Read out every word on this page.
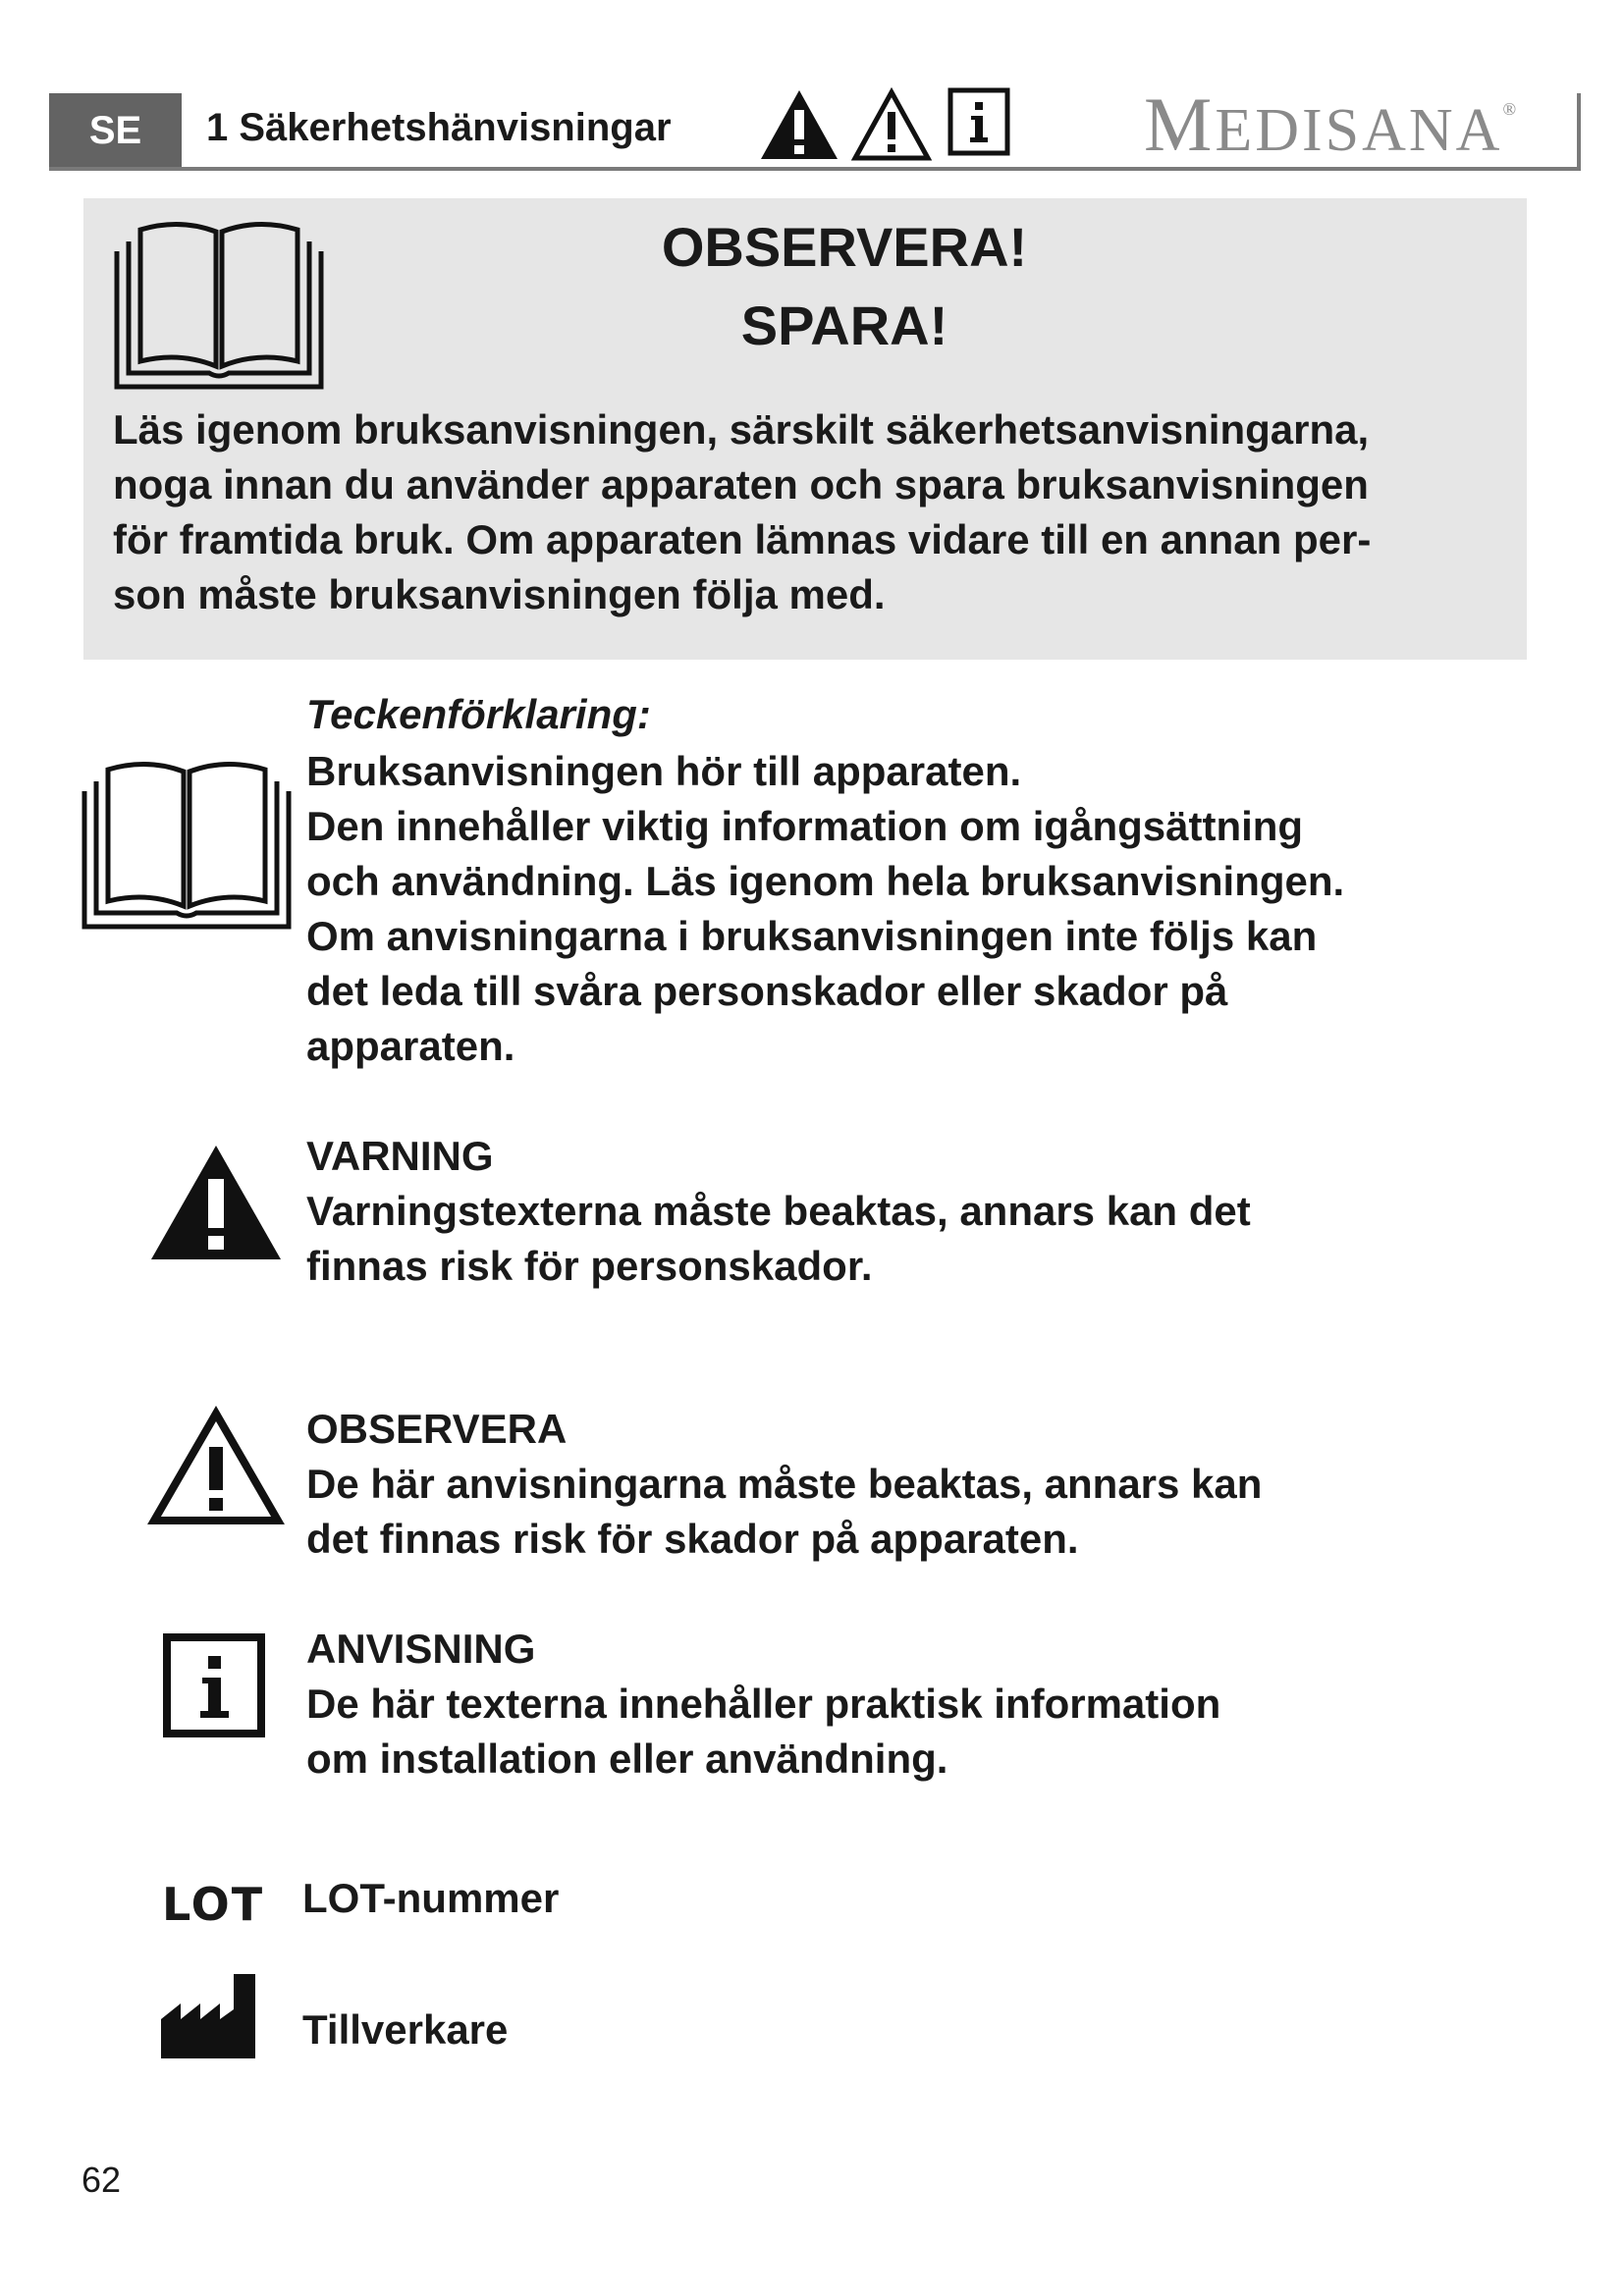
SE	1 Säkerhetshänvisningar	MEDISANA®
OBSERVERA!
SPARA!
Läs igenom bruksanvisningen, särskilt säkerhetsanvisningarna,
noga innan du använder apparaten och spara bruksanvisningen
för framtida bruk. Om apparaten lämnas vidare till en annan per-
son måste bruksanvisningen följa med.
Teckenförklaring:
Bruksanvisningen hör till apparaten.
Den innehåller viktig information om igångsättning
och användning. Läs igenom hela bruksanvisningen.
Om anvisningarna i bruksanvisningen inte följs kan
det leda till svåra personskador eller skador på
apparaten.
VARNING
Varningstexterna måste beaktas, annars kan det
finnas risk för personskador.
OBSERVERA
De här anvisningarna måste beaktas, annars kan
det finnas risk för skador på apparaten.
ANVISNING
De här texterna innehåller praktisk information
om installation eller användning.
LOT LOT-nummer
Tillverkare
62
